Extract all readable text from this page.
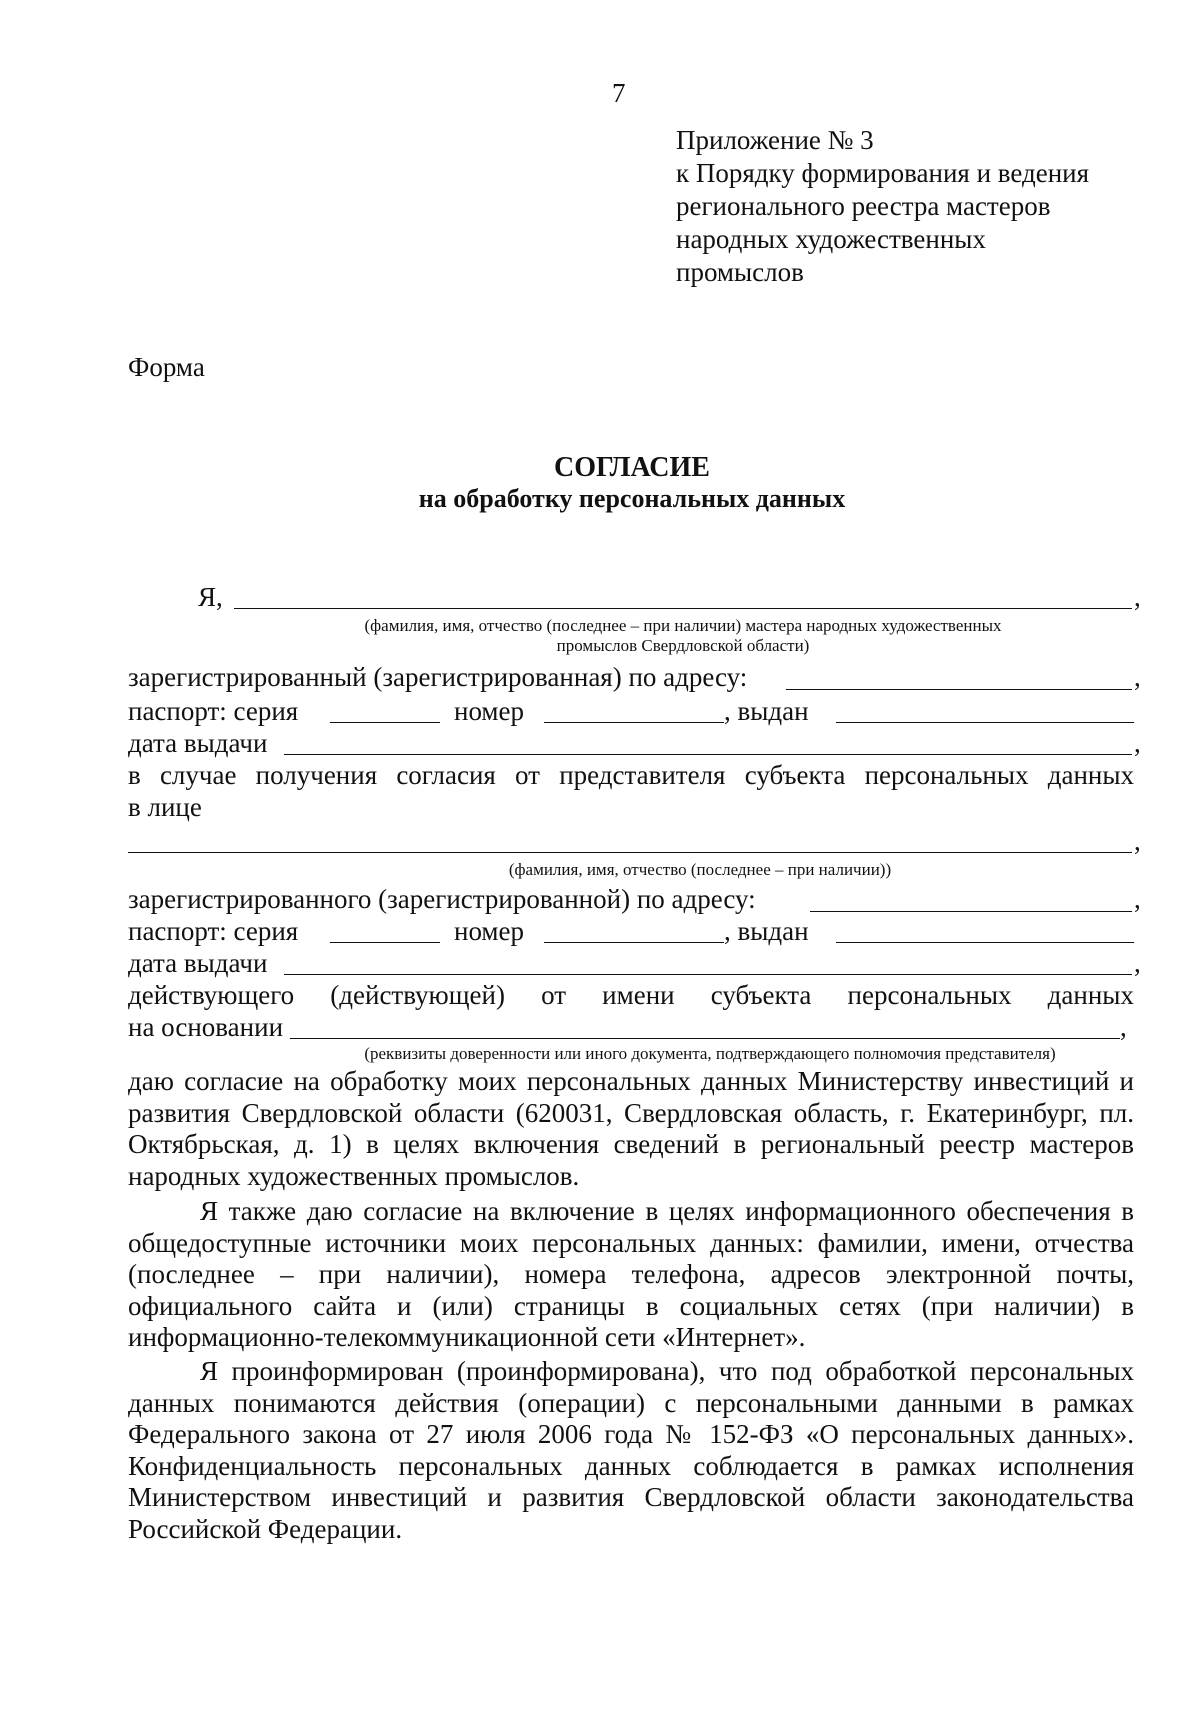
7
Приложение № 3
к Порядку формирования и ведения
регионального реестра мастеров
народных художественных
промыслов
Форма
СОГЛАСИЕ
на обработку персональных данных
Я,	,
(фамилия, имя, отчество (последнее – при наличии) мастера народных художественных
промыслов Свердловской области)
зарегистрированный (зарегистрированная) по адресу:	,
паспорт: серия	номер	, выдан
дата выдачи	,
в случае получения согласия от представителя субъекта персональных данных
в лице
,
(фамилия, имя, отчество (последнее – при наличии))
зарегистрированного (зарегистрированной) по адресу:	,
паспорт: серия	номер	, выдан
дата выдачи	,
действующего (действующей) от имени субъекта персональных данных
на основании	,
(реквизиты доверенности или иного документа, подтверждающего полномочия представителя)
даю согласие на обработку моих персональных данных Министерству инвестиций и развития Свердловской области (620031, Свердловская область, г. Екатеринбург, пл. Октябрьская, д. 1) в целях включения сведений в региональный реестр мастеров народных художественных промыслов.
Я также даю согласие на включение в целях информационного обеспечения в общедоступные источники моих персональных данных: фамилии, имени, отчества (последнее – при наличии), номера телефона, адресов электронной почты, официального сайта и (или) страницы в социальных сетях (при наличии) в информационно-телекоммуникационной сети «Интернет».
Я проинформирован (проинформирована), что под обработкой персональных данных понимаются действия (операции) с персональными данными в рамках Федерального закона от 27 июля 2006 года № 152-ФЗ «О персональных данных». Конфиденциальность персональных данных соблюдается в рамках исполнения Министерством инвестиций и развития Свердловской области законодательства Российской Федерации.
